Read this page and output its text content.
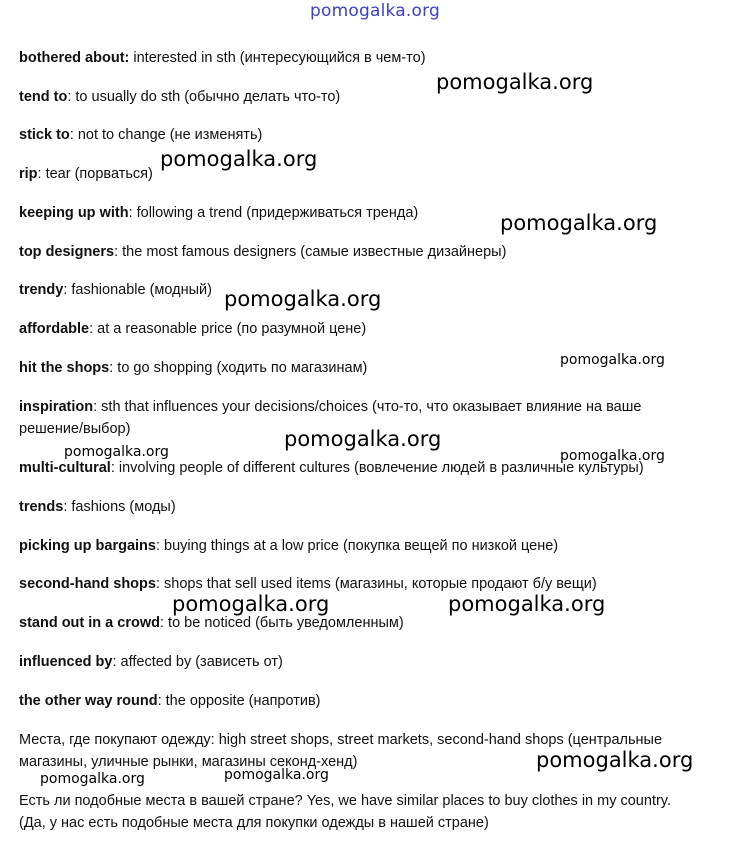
pomogalka.org
bothered about: interested in sth (интересующийся в чем-то)
tend to: to usually do sth (обычно делать что-то)
stick to: not to change (не изменять)
rip: tear (порваться)
keeping up with: following a trend (придерживаться тренда)
top designers: the most famous designers (самые известные дизайнеры)
trendy: fashionable (модный)
affordable: at a reasonable price (по разумной цене)
hit the shops: to go shopping (ходить по магазинам)
inspiration: sth that influences your decisions/choices (что-то, что оказывает влияние на ваше
решение/выбор)
multi-cultural: involving people of different cultures (вовлечение людей в различные культуры)
trends: fashions (моды)
picking up bargains: buying things at a low price (покупка вещей по низкой цене)
second-hand shops: shops that sell used items (магазины, которые продают б/у вещи)
stand out in a crowd: to be noticed (быть уведомленным)
influenced by: affected by (зависеть от)
the other way round: the opposite (напротив)
Места, где покупают одежду: high street shops, street markets, second-hand shops (центральные
магазины, уличные рынки, магазины секонд-хенд)
Есть ли подобные места в вашей стране? Yes, we have similar places to buy clothes in my country.
(Да, у нас есть подобные места для покупки одежды в нашей стране)
pomogalka.org
pomogalka.org
pomogalka.org
pomogalka.org
pomogalka.org
pomogalka.org
pomogalka.org	pomogalka.org
pomogalka.org	pomogalka.org
pomogalka.org
pomogalka.org
pomogalka.org
